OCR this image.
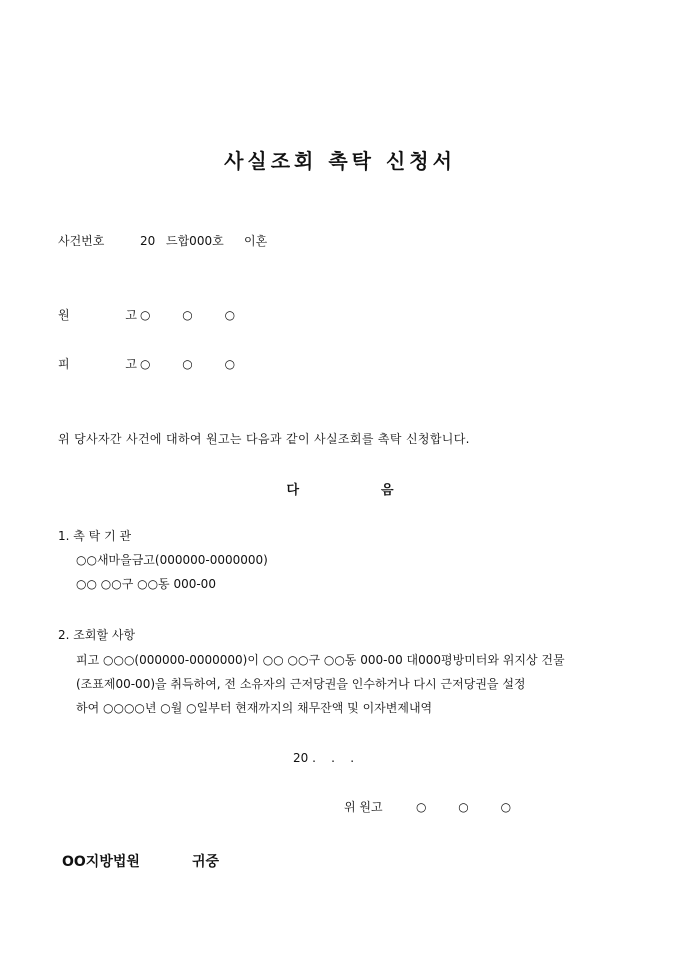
사실조회 촉탁 신청서
사건번호	20 드합000호 이혼
원 고○ ○ ○
피 고○ ○ ○
위 당사자간 사건에 대하여 원고는 다음과 같이 사실조회를 촉탁 신청합니다.
다	음
1. 촉 탁 기 관
○○새마을금고(000000-0000000)
○○ ○○구 ○○동 000-00
2. 조회할 사항
피고 ○○○(000000-0000000)이 ○○ ○○구 ○○동 000-00 대000평방미터와 위지상 건물
(조표제00-00)을 취득하여, 전 소유자의 근저당권을 인수하거나 다시 근저당권을 설정
하여 ○○○○년 ○월 ○일부터 현재까지의 채무잔액 및 이자변제내역
20 .    .    .
위 원고	○ ○ ○
OO지방법원	귀중
